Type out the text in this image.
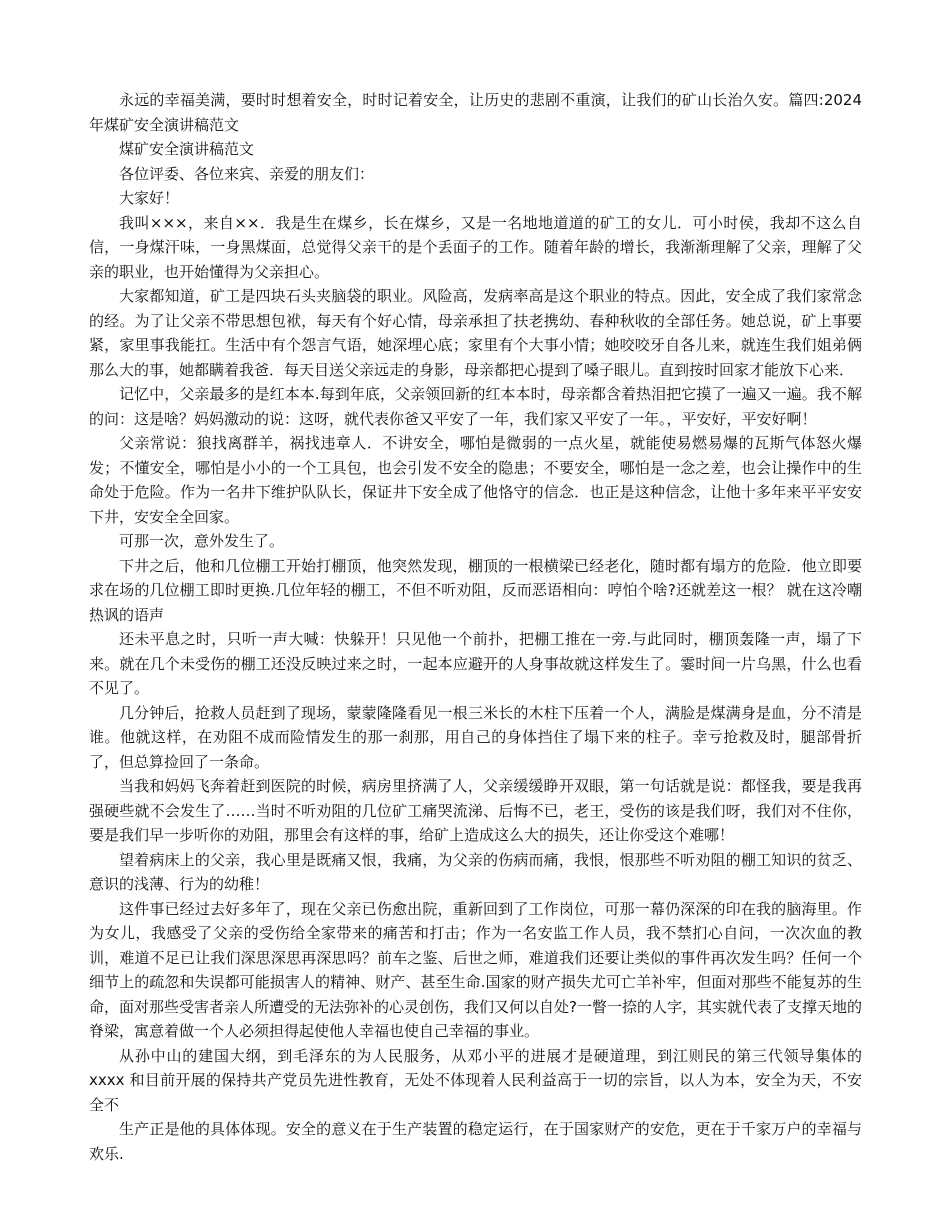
永远的幸福美满，要时时想着安全，时时记着安全，让历史的悲剧不重演，让我们的矿山长治久安。篇四:2024年煤矿安全演讲稿范文

煤矿安全演讲稿范文

各位评委、各位来宾、亲爱的朋友们：

大家好！

我叫×××，来自××．我是生在煤乡，长在煤乡，又是一名地地道道的矿工的女儿．可小时侯，我却不这么自信，一身煤汗味，一身黑煤面，总觉得父亲干的是个丢面子的工作。随着年龄的增长，我渐渐理解了父亲，理解了父亲的职业，也开始懂得为父亲担心。

大家都知道，矿工是四块石头夹脑袋的职业。风险高，发病率高是这个职业的特点。因此，安全成了我们家常念的经。为了让父亲不带思想包袱，每天有个好心情，母亲承担了扶老携幼、春种秋收的全部任务。她总说，矿上事要紧，家里事我能扛。生活中有个怨言气语，她深埋心底；家里有个大事小情；她咬咬牙自各儿来，就连生我们姐弟俩那么大的事，她都瞒着我爸．每天目送父亲远走的身影，母亲都把心提到了嗓子眼儿。直到按时回家才能放下心来．

记忆中，父亲最多的是红本本.每到年底，父亲领回新的红本本时，母亲都含着热泪把它摸了一遍又一遍。我不解的问：这是啥？妈妈激动的说：这呀，就代表你爸又平安了一年，我们家又平安了一年。，平安好，平安好啊！

父亲常说：狼找离群羊，祸找违章人．不讲安全，哪怕是微弱的一点火星，就能使易燃易爆的瓦斯气体怒火爆发；不懂安全，哪怕是小小的一个工具包，也会引发不安全的隐患；不要安全，哪怕是一念之差，也会让操作中的生命处于危险。作为一名井下维护队队长，保证井下安全成了他恪守的信念．也正是这种信念，让他十多年来平平安安下井，安安全全回家。

可那一次，意外发生了。

下井之后，他和几位棚工开始打棚顶，他突然发现，棚顶的一根横梁已经老化，随时都有塌方的危险．他立即要求在场的几位棚工即时更换.几位年轻的棚工，不但不听劝阻，反而恶语相向：哼怕个啥?还就差这一根？ 就在这冷嘲热讽的语声

还未平息之时，只听一声大喊：快躲开！只见他一个前扑，把棚工推在一旁.与此同时，棚顶轰隆一声，塌了下来。就在几个未受伤的棚工还没反映过来之时，一起本应避开的人身事故就这样发生了。霎时间一片乌黑，什么也看不见了。

几分钟后，抢救人员赶到了现场，蒙蒙隆隆看见一根三米长的木柱下压着一个人，满脸是煤满身是血，分不清是谁。他就这样，在劝阻不成而险情发生的那一刹那，用自己的身体挡住了塌下来的柱子。幸亏抢救及时，腿部骨折了，但总算捡回了一条命。

当我和妈妈飞奔着赶到医院的时候，病房里挤满了人，父亲缓缓睁开双眼，第一句话就是说：都怪我，要是我再强硬些就不会发生了……当时不听劝阻的几位矿工痛哭流涕、后悔不已，老王，受伤的该是我们呀，我们对不住你，要是我们早一步听你的劝阻，那里会有这样的事，给矿上造成这么大的损失，还让你受这个难哪！

望着病床上的父亲，我心里是既痛又恨，我痛，为父亲的伤病而痛，我恨，恨那些不听劝阻的棚工知识的贫乏、意识的浅薄、行为的幼稚！

这件事已经过去好多年了，现在父亲已伤愈出院，重新回到了工作岗位，可那一幕仍深深的印在我的脑海里。作为女儿，我感受了父亲的受伤给全家带来的痛苦和打击；作为一名安监工作人员，我不禁扪心自问，一次次血的教训，难道不足已让我们深思深思再深思吗？前车之鉴、后世之师，难道我们还要让类似的事件再次发生吗？任何一个细节上的疏忽和失误都可能损害人的精神、财产、甚至生命.国家的财产损失尤可亡羊补牢，但面对那些不能复苏的生命，面对那些受害者亲人所遭受的无法弥补的心灵创伤，我们又何以自处?一瞥一捺的人字，其实就代表了支撑天地的脊梁，寓意着做一个人必须担得起使他人幸福也使自己幸福的事业。

从孙中山的建国大纲，到毛泽东的为人民服务，从邓小平的进展才是硬道理，到江则民的第三代领导集体的 xxxx 和目前开展的保持共产党员先进性教育，无处不体现着人民利益高于一切的宗旨，以人为本，安全为天，不安全不

生产正是他的具体体现。安全的意义在于生产装置的稳定运行，在于国家财产的安危，更在于千家万户的幸福与欢乐.
